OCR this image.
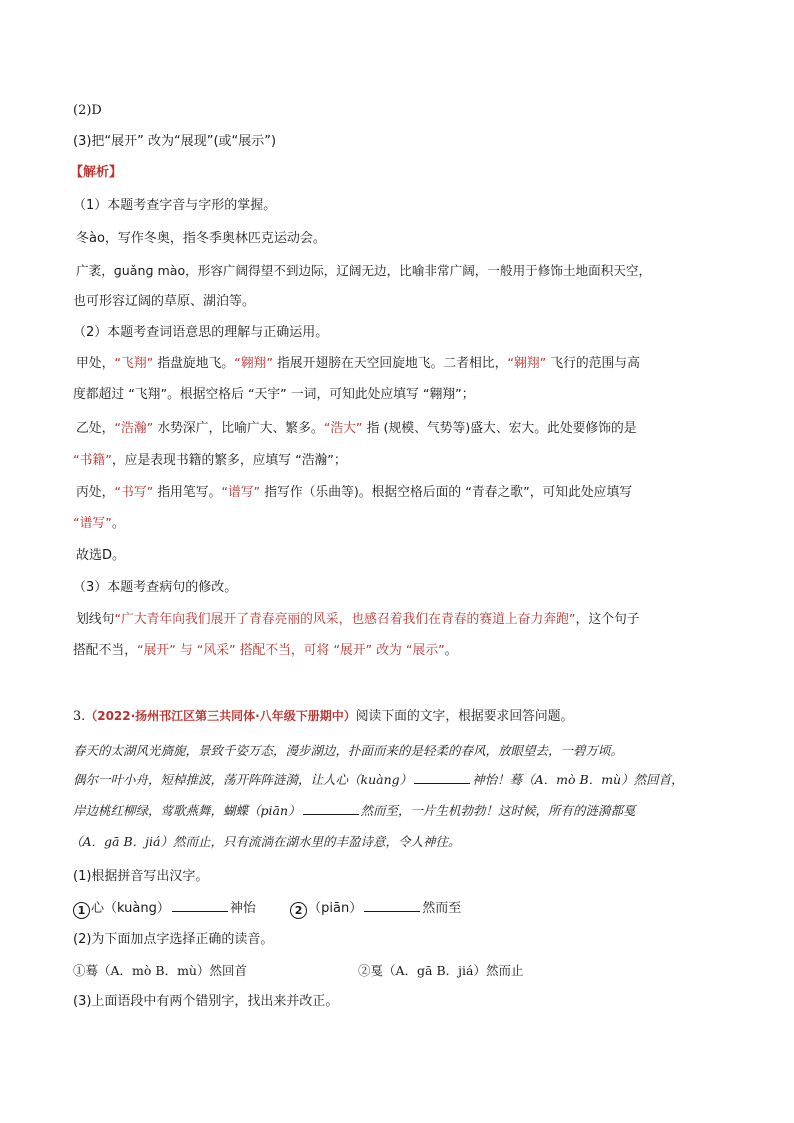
(2)D
(3)把“展开” 改为“展现”(或“展示”)
【解析】
（1）本题考查字音与字形的掌握。
冬ào，写作冬奥，指冬季奥林匹克运动会。
广袤，ɡuǎnɡ mào，形容广阔得望不到边际，辽阔无边，比喻非常广阔，一般用于修饰土地面积天空，
也可形容辽阔的草原、湖泊等。
（2）本题考查词语意思的理解与正确运用。
甲处，“飞翔” 指盘旋地飞。“翱翔” 指展开翅膀在天空回旋地飞。二者相比，“翱翔” 飞行的范围与高
度都超过 “飞翔”。根据空格后 “天宇” 一词，可知此处应填写 “翱翔”；
乙处，“浩瀚” 水势深广，比喻广大、繁多。“浩大” 指 (规模、气势等)盛大、宏大。此处要修饰的是
“书籍”，应是表现书籍的繁多，应填写 “浩瀚”；
丙处，“书写” 指用笔写。“谱写” 指写作（乐曲等)。根据空格后面的 “青春之歌”，可知此处应填写
“谱写”。
故选D。
（3）本题考查病句的修改。
划线句“广大青年向我们展开了青春亮丽的风采，也感召着我们在青春的赛道上奋力奔跑”，这个句子
搭配不当，“展开” 与 “风采” 搭配不当，可将 “展开” 改为 “展示”。
3.（2022·扬州邗江区第三共同体·八年级下册期中）阅读下面的文字，根据要求回答问题。
春天的太湖风光旖旎，景致千姿万态，漫步湖边，扑面而来的是轻柔的春风，放眼望去，一碧万顷。
偶尔一叶小舟，短棹推波，荡开阵阵涟漪，让人心（kuàng）	神怡！蓦（A．mò B．mù）然回首，
岸边桃红柳绿，莺歌燕舞，蝴蝶（piān）	然而至，一片生机勃勃！这时候，所有的涟漪都戛
（A．gā B．jiá）然而止，只有流淌在湖水里的丰盈诗意，令人神往。
(1)根据拼音写出汉字。
1 心（kuàng）	神怡	2 （piān）	然而至
(2)为下面加点字选择正确的读音。
①蓦（A．mò B．mù）然回首	②戛（A．gā B．jiá）然而止
(3)上面语段中有两个错别字，找出来并改正。
